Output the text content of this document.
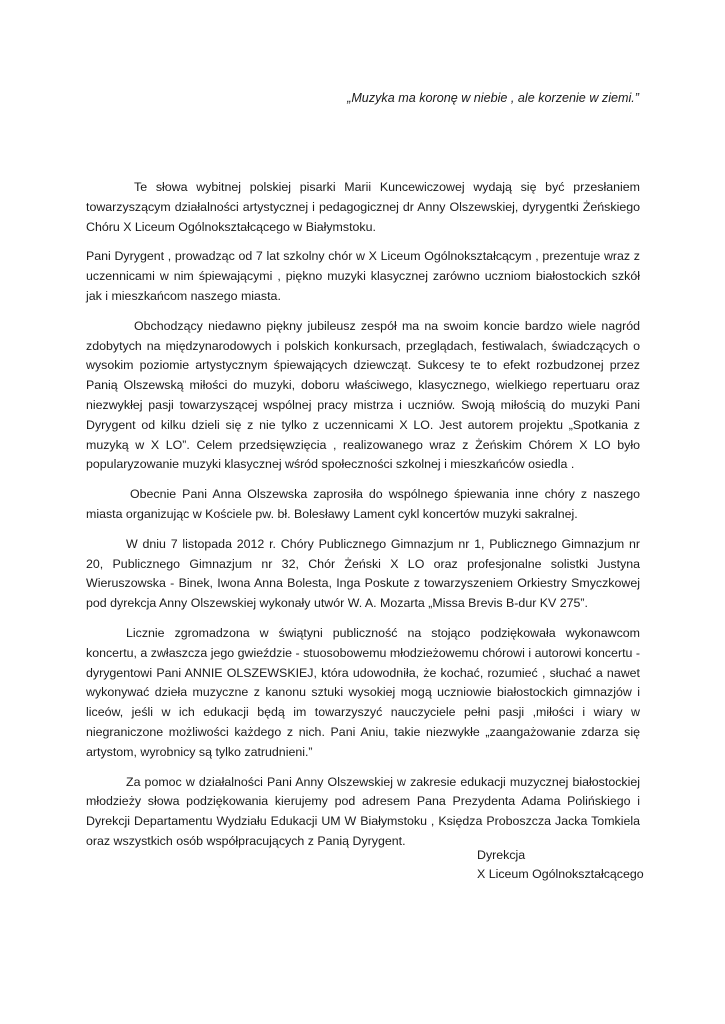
„Muzyka ma koronę w niebie , ale korzenie w ziemi.”

Te słowa wybitnej polskiej pisarki Marii Kuncewiczowej wydają się być przesłaniem towarzyszącym działalności artystycznej i pedagogicznej dr Anny Olszewskiej, dyrygentki Żeńskiego Chóru X Liceum Ogólnokształcącego w Białymstoku.

Pani Dyrygent , prowadząc od 7 lat szkolny chór w X Liceum Ogólnokształcącym , prezentuje wraz z uczennicami w nim śpiewającymi , piękno muzyki klasycznej zarówno uczniom białostockich szkół jak i mieszkańcom naszego miasta.

Obchodzący niedawno piękny jubileusz zespół ma na swoim koncie bardzo wiele nagród zdobytych na międzynarodowych i polskich konkursach, przeglądach, festiwalach, świadczących o wysokim poziomie artystycznym śpiewających dziewcząt. Sukcesy te to efekt rozbudzonej przez Panią Olszewską miłości do muzyki, doboru właściwego, klasycznego, wielkiego repertuaru oraz niezwykłej pasji towarzyszącej wspólnej pracy mistrza i uczniów. Swoją miłością do muzyki Pani Dyrygent od kilku dzieli się z nie tylko z uczennicami X LO. Jest autorem projektu „Spotkania z muzyką w X LO”. Celem przedsięwzięcia , realizowanego wraz z Żeńskim Chórem X LO było popularyzowanie muzyki klasycznej wśród społeczności szkolnej i mieszkańców osiedla .

Obecnie Pani Anna Olszewska zaprosiła do wspólnego śpiewania inne chóry z naszego miasta organizując w Kościele pw. bł. Bolesławy Lament cykl koncertów muzyki sakralnej.

W dniu 7 listopada 2012 r. Chóry Publicznego Gimnazjum nr 1, Publicznego Gimnazjum nr 20, Publicznego Gimnazjum nr 32, Chór Żeński X LO oraz profesjonalne solistki Justyna Wieruszowska - Binek, Iwona Anna Bolesta, Inga Poskute z towarzyszeniem Orkiestry Smyczkowej pod dyrekcja Anny Olszewskiej wykonały utwór W. A. Mozarta „Missa Brevis B-dur KV 275”.

Licznie zgromadzona w świątyni publiczność na stojąco podziękowała wykonawcom koncertu, a zwłaszcza jego gwieździe - stuosobowemu młodzieżowemu chórowi i autorowi koncertu - dyrygentowi Pani ANNIE OLSZEWSKIEJ, która udowodniła, że kochać, rozumieć , słuchać a nawet wykonywać dzieła muzyczne z kanonu sztuki wysokiej mogą uczniowie białostockich gimnazjów i liceów, jeśli w ich edukacji będą im towarzyszyć nauczyciele pełni pasji ,miłości i wiary w niegraniczone możliwości każdego z nich. Pani Aniu, takie niezwykłe „zaangażowanie zdarza się artystom, wyrobnicy są tylko zatrudnieni.”

Za pomoc w działalności Pani Anny Olszewskiej w zakresie edukacji muzycznej białostockiej młodzieży słowa podziękowania kierujemy pod adresem Pana Prezydenta Adama Polińskiego i Dyrekcji Departamentu Wydziału Edukacji UM W Białymstoku , Księdza Proboszcza Jacka Tomkiela oraz wszystkich osób współpracujących z Panią Dyrygent.

Dyrekcja
X Liceum Ogólnokształcącego
